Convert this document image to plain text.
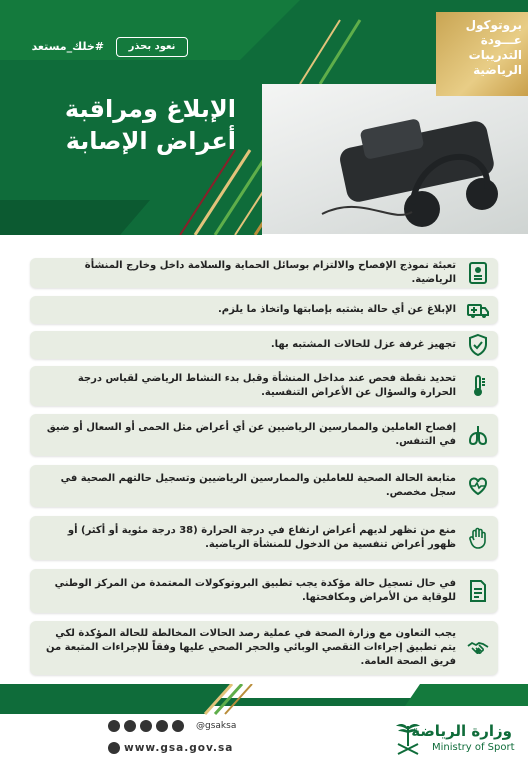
بروتوكول
عـــودة
التدريبات
الرياضية
نعود بحذر
#خلك_مستعد
الإبلاغ ومراقبة
أعراض الإصابة
تعبئة نموذج الإفصاح والالتزام بوسائل الحماية والسلامة داخل وخارج المنشأة الرياضية.
الإبلاغ عن أي حالة يشتبه بإصابتها واتخاذ ما يلزم.
تجهيز غرفة عزل للحالات المشتبه بها.
تحديد نقطة فحص عند مداخل المنشأة وقبل بدء النشاط الرياضي لقياس درجة الحرارة والسؤال عن الأعراض التنفسية.
إفصاح العاملين والممارسين الرياضيين عن أي أعراض مثل الحمى أو السعال أو ضيق في التنفس.
متابعة الحالة الصحية للعاملين والممارسين الرياضيين وتسجيل حالتهم الصحية في سجل مخصص.
منع من تظهر لديهم أعراض ارتفاع في درجة الحرارة (38 درجة مئوية أو أكثر) أو ظهور أعراض تنفسية من الدخول للمنشأة الرياضية.
في حال تسجيل حالة مؤكدة يجب تطبيق البروتوكولات المعتمدة من المركز الوطني للوقاية من الأمراض ومكافحتها.
يجب التعاون مع وزارة الصحة في عملية رصد الحالات المخالطة للحالة المؤكدة لكي يتم تطبيق إجراءات التقصي الوبائي والحجر الصحي عليها وفقاً للإجراءات المتبعة من فريق الصحة العامة.
@gsaksa
www.gsa.gov.sa
وزارة الرياضة
Ministry of Sport
